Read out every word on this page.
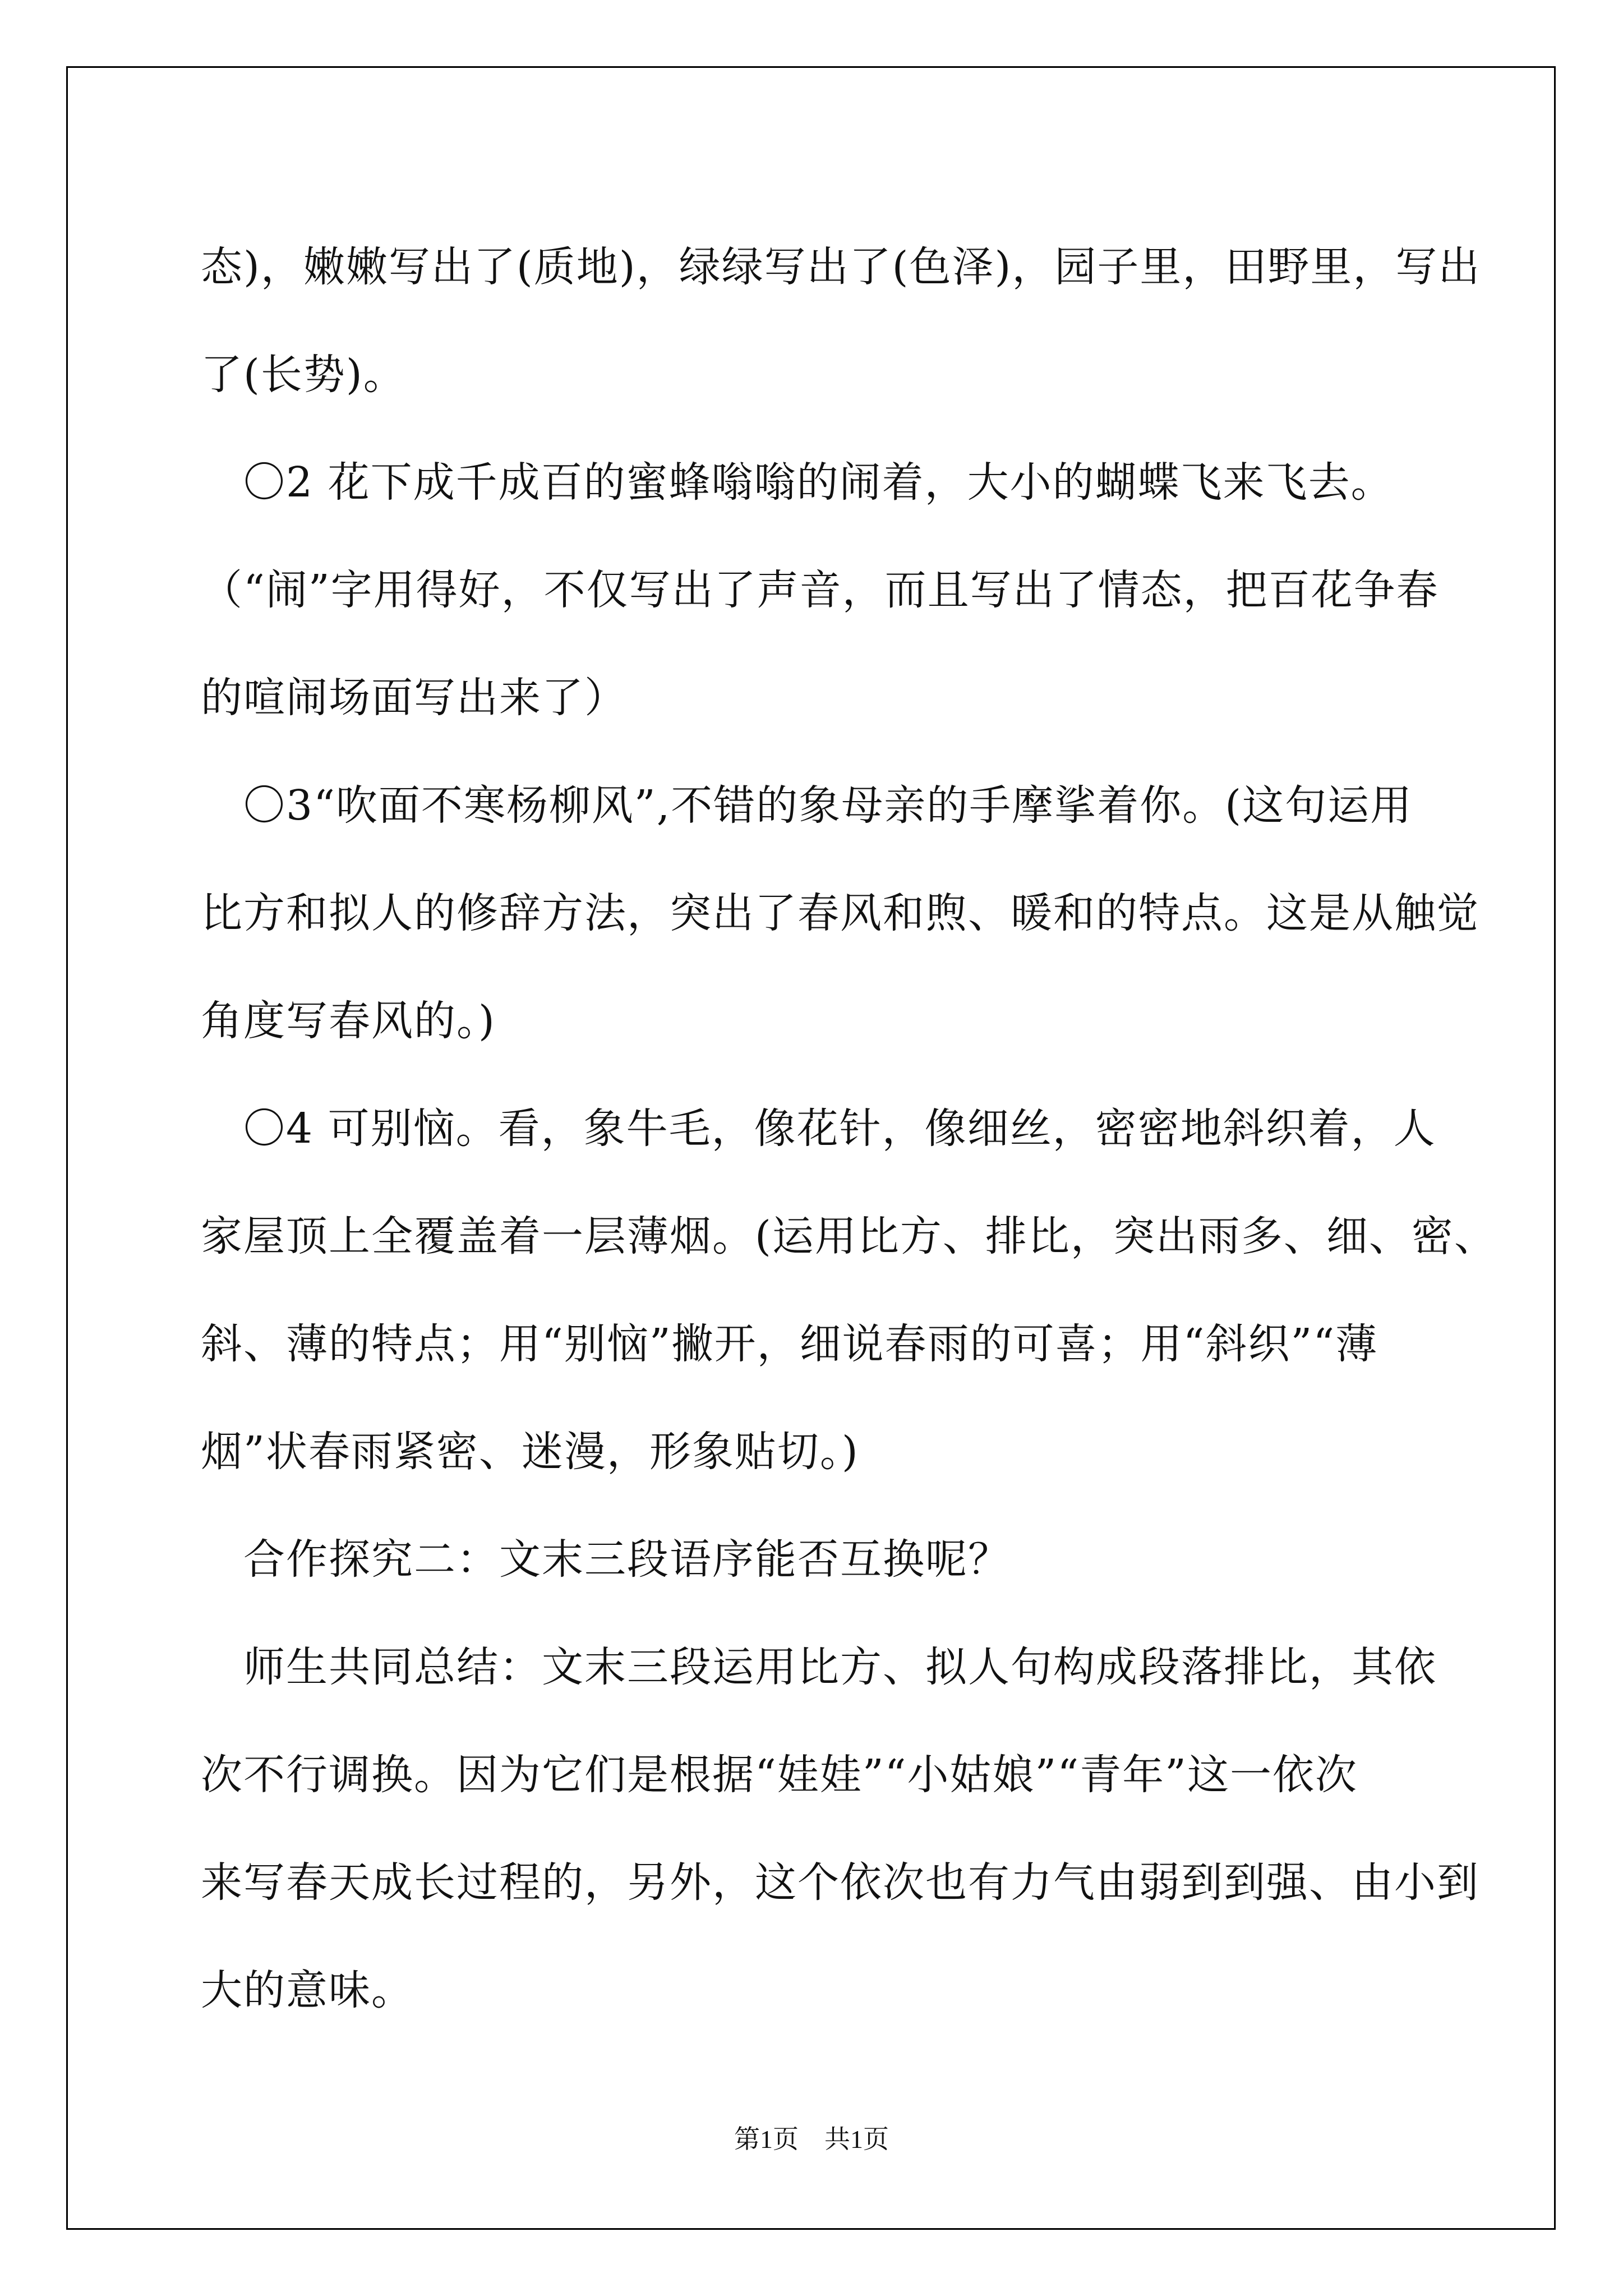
态)，嫩嫩写出了(质地)，绿绿写出了(色泽)，园子里，田野里，写出

了(长势)。

　〇2 花下成千成百的蜜蜂嗡嗡的闹着，大小的蝴蝶飞来飞去。

（“闹”字用得好，不仅写出了声音，而且写出了情态，把百花争春

的喧闹场面写出来了）

　〇3“吹面不寒杨柳风”,不错的象母亲的手摩挲着你。(这句运用

比方和拟人的修辞方法，突出了春风和煦、暖和的特点。这是从触觉

角度写春风的。)

　〇4 可别恼。看，象牛毛，像花针，像细丝，密密地斜织着，人

家屋顶上全覆盖着一层薄烟。(运用比方、排比，突出雨多、细、密、

斜、薄的特点；用“别恼”撇开，细说春雨的可喜；用“斜织”“薄

烟”状春雨紧密、迷漫，形象贴切。)

　合作探究二：文末三段语序能否互换呢？

　师生共同总结：文末三段运用比方、拟人句构成段落排比，其依

次不行调换。因为它们是根据“娃娃”“小姑娘”“青年”这一依次

来写春天成长过程的，另外，这个依次也有力气由弱到到强、由小到

大的意味。

第1页　共1页
